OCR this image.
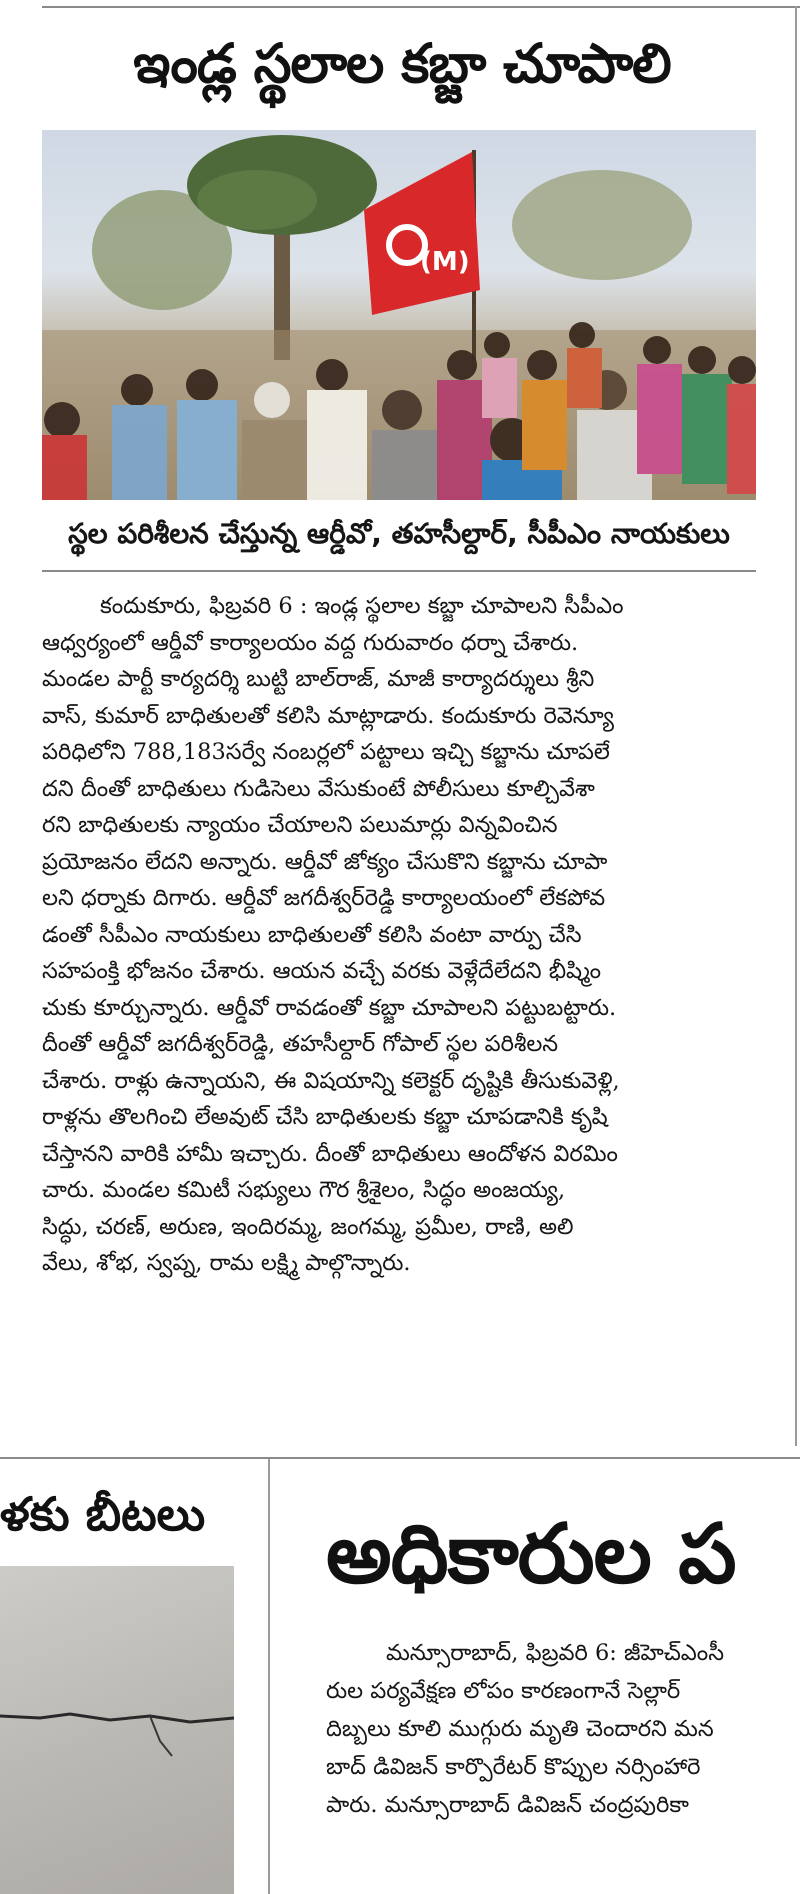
ఇండ్ల స్థలాల కబ్జా చూపాలి
(M)
స్థల పరిశీలన చేస్తున్న ఆర్డీవో, తహసీల్దార్, సీపీఎం నాయకులు

కందుకూరు, ఫిబ్రవరి 6 : ఇండ్ల స్థలాల కబ్జా చూపాలని సీపీఎం

ఆధ్వర్యంలో ఆర్డీవో కార్యాలయం వద్ద గురువారం ధర్నా చేశారు.

మండల పార్టీ కార్యదర్శి బుట్టి బాల్‌రాజ్, మాజీ కార్యాదర్శులు శ్రీని

వాస్, కుమార్ బాధితులతో కలిసి మాట్లాడారు. కందుకూరు రెవెన్యూ

పరిధిలోని 788,183సర్వే నంబర్లలో పట్టాలు ఇచ్చి కబ్జాను చూపలే

దని దీంతో బాధితులు గుడిసెలు వేసుకుంటే పోలీసులు కూల్చివేశా

రని బాధితులకు న్యాయం చేయాలని పలుమార్లు విన్నవించిన

ప్రయోజనం లేదని అన్నారు. ఆర్డీవో జోక్యం చేసుకొని కబ్జాను చూపా

లని ధర్నాకు దిగారు. ఆర్డీవో జగదీశ్వర్‌రెడ్డి కార్యాలయంలో లేకపోవ

డంతో సీపీఎం నాయకులు బాధితులతో కలిసి వంటా వార్పు చేసి

సహపంక్తి భోజనం చేశారు. ఆయన వచ్చే వరకు వెళ్లేదేలేదని భీష్మిం

చుకు కూర్చున్నారు. ఆర్డీవో రావడంతో కబ్జా చూపాలని పట్టుబట్టారు.

దీంతో ఆర్డీవో జగదీశ్వర్‌రెడ్డి, తహసీల్దార్ గోపాల్ స్థల పరిశీలన

చేశారు. రాళ్లు ఉన్నాయని, ఈ విషయాన్ని కలెక్టర్ దృష్టికి తీసుకువెళ్లి,

రాళ్లను తొలగించి లేఅవుట్ చేసి బాధితులకు కబ్జా చూపడానికి కృషి

చేస్తానని వారికి హామీ ఇచ్చారు. దీంతో బాధితులు ఆందోళన విరమిం

చారు. మండల కమిటీ సభ్యులు గౌర శ్రీశైలం, సిద్ధం అంజయ్య,

సిద్ధు, చరణ్, అరుణ, ఇందిరమ్మ, జంగమ్మ, ప్రమీల, రాణి, అలి

వేలు, శోభ, స్వప్న, రామ లక్ష్మి పాల్గొన్నారు.

ళకు బీటలు	అధికారుల ప

మన్సూరాబాద్, ఫిబ్రవరి 6: జీహెచ్ఎంసీ

రుల పర్యవేక్షణ లోపం కారణంగానే సెల్లార్

దిబ్బలు కూలి ముగ్గురు మృతి చెందారని మన

బాద్ డివిజన్ కార్పొరేటర్ కొప్పుల నర్సింహారె

పారు. మన్సూరాబాద్ డివిజన్ చంద్రపురికా
